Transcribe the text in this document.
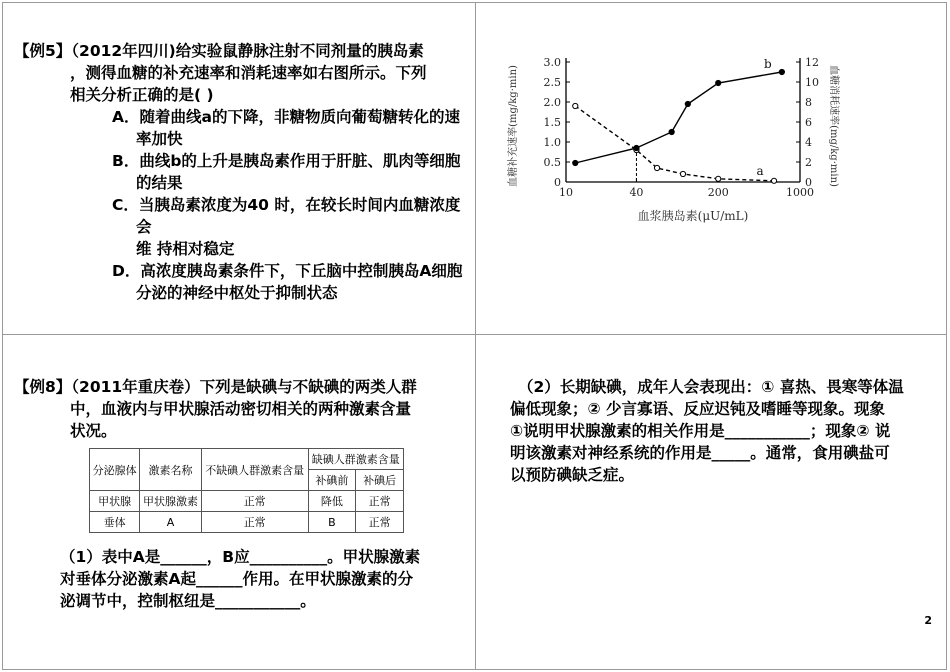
【例5】（2012年四川)给实验鼠静脉注射不同剂量的胰岛素

，测得血糖的补充速率和消耗速率如右图所示。下列

相关分析正确的是( )

A．随着曲线a的下降，非糖物质向葡萄糖转化的速

率加快

B．曲线b的上升是胰岛素作用于肝脏、肌肉等细胞

的结果

C．当胰岛素浓度为40 时，在较长时间内血糖浓度会

维 持相对稳定

D．高浓度胰岛素条件下，下丘脑中控制胰岛A细胞

分泌的神经中枢处于抑制状态

0
0.5
1.0
1.5
2.0
2.5
3.0
0
2
4
6
8
10
12
10	40	200	1000
a
b
血浆胰岛素(μU/mL)
血糖补充速率(mg/kg·min)	血糖消耗速率(mg/kg·min)

【例8】（2011年重庆卷）下列是缺碘与不缺碘的两类人群

中，血液内与甲状腺活动密切相关的两种激素含量

状况。

分泌腺体	激素名称	不缺碘人群激素含量	缺碘人群激素含量	
			补碘前	补碘后
甲状腺	甲状腺激素	正常	降低	正常
垂体	A	正常	B	正常

（1）表中A是______，B应__________。甲状腺激素

对垂体分泌激素A起______作用。在甲状腺激素的分

泌调节中，控制枢纽是___________。

（2）长期缺碘，成年人会表现出：① 喜热、畏寒等体温

偏低现象；② 少言寡语、反应迟钝及嗜睡等现象。现象

①说明甲状腺激素的相关作用是___________；现象② 说

明该激素对神经系统的作用是_____。通常，食用碘盐可

以预防碘缺乏症。

2
